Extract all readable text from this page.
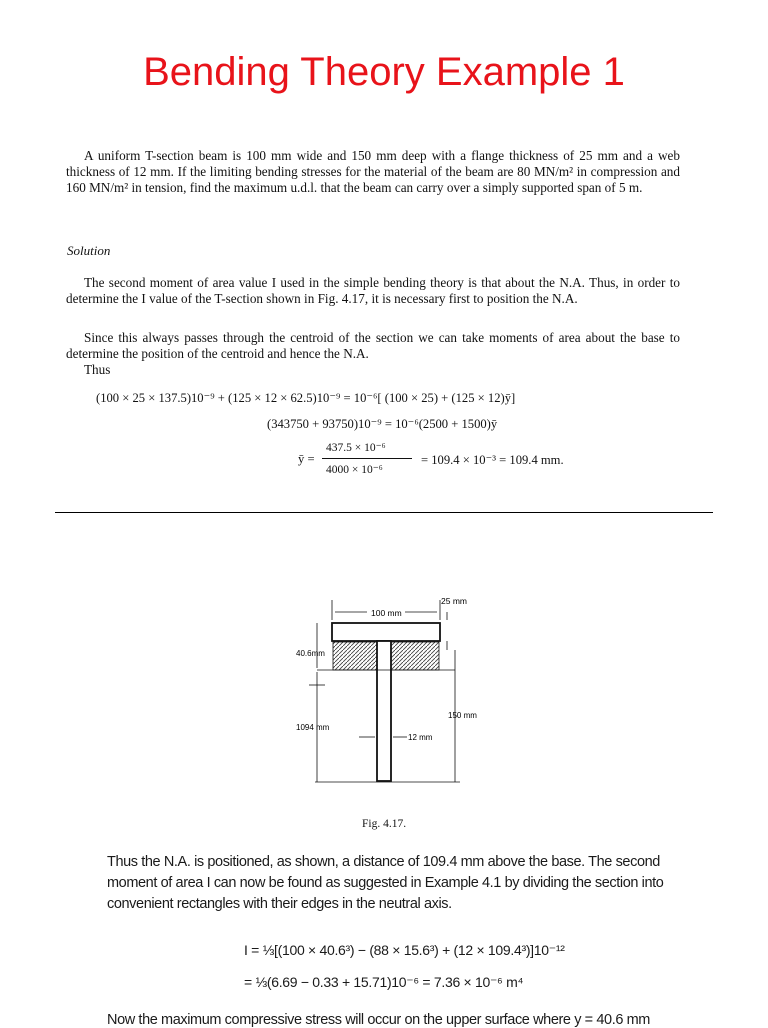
Bending Theory Example 1
A uniform T-section beam is 100 mm wide and 150 mm deep with a flange thickness of 25 mm and a web thickness of 12 mm. If the limiting bending stresses for the material of the beam are 80 MN/m² in compression and 160 MN/m² in tension, find the maximum u.d.l. that the beam can carry over a simply supported span of 5 m.
Solution
The second moment of area value I used in the simple bending theory is that about the N.A. Thus, in order to determine the I value of the T-section shown in Fig. 4.17, it is necessary first to position the N.A.
Since this always passes through the centroid of the section we can take moments of area about the base to determine the position of the centroid and hence the N.A.
Thus
(100 × 25 × 137.5)10⁻⁹ + (125 × 12 × 62.5)10⁻⁹ = 10⁻⁶[ (100 × 25) + (125 × 12)ȳ]
(343750 + 93750)10⁻⁹ = 10⁻⁶(2500 + 1500)ȳ
ȳ =
437.5 × 10⁻⁶
4000 × 10⁻⁶
= 109.4 × 10⁻³ = 109.4 mm.
100 mm
25 mm
40.6mm
1094 mm
150 mm
12 mm
Fig. 4.17.
Thus the N.A. is positioned, as shown, a distance of 109.4 mm above the base. The second moment of area I can now be found as suggested in Example 4.1 by dividing the section into convenient rectangles with their edges in the neutral axis.
I = ⅓[(100 × 40.6³) − (88 × 15.6³) + (12 × 109.4³)]10⁻¹²
= ⅓(6.69 − 0.33 + 15.71)10⁻⁶ = 7.36 × 10⁻⁶ m⁴
Now the maximum compressive stress will occur on the upper surface where y = 40.6 mm
